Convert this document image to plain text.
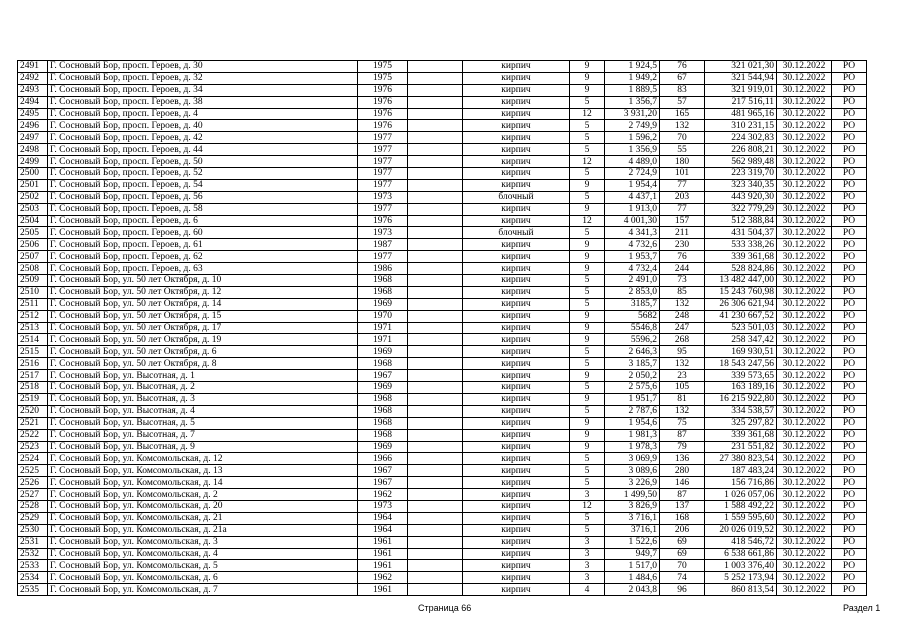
2491	Г. Сосновый Бор, просп. Героев, д. 30	1975		кирпич	9	1 924,5	76	321 021,30	30.12.2022	РО
2492	Г. Сосновый Бор, просп. Героев, д. 32	1975		кирпич	9	1 949,2	67	321 544,94	30.12.2022	РО
2493	Г. Сосновый Бор, просп. Героев, д. 34	1976		кирпич	9	1 889,5	83	321 919,01	30.12.2022	РО
2494	Г. Сосновый Бор, просп. Героев, д. 38	1976		кирпич	5	1 356,7	57	217 516,11	30.12.2022	РО
2495	Г. Сосновый Бор, просп. Героев, д. 4	1976		кирпич	12	3 931,20	165	481 965,16	30.12.2022	РО
2496	Г. Сосновый Бор, просп. Героев, д. 40	1976		кирпич	5	2 749,9	132	310 231,15	30.12.2022	РО
2497	Г. Сосновый Бор, просп. Героев, д. 42	1977		кирпич	5	1 596,2	70	224 302,83	30.12.2022	РО
2498	Г. Сосновый Бор, просп. Героев, д. 44	1977		кирпич	5	1 356,9	55	226 808,21	30.12.2022	РО
2499	Г. Сосновый Бор, просп. Героев, д. 50	1977		кирпич	12	4 489,0	180	562 989,48	30.12.2022	РО
2500	Г. Сосновый Бор, просп. Героев, д. 52	1977		кирпич	5	2 724,9	101	223 319,70	30.12.2022	РО
2501	Г. Сосновый Бор, просп. Героев, д. 54	1977		кирпич	9	1 954,4	77	323 340,35	30.12.2022	РО
2502	Г. Сосновый Бор, просп. Героев, д. 56	1973		блочный	5	4 437,1	203	443 920,30	30.12.2022	РО
2503	Г. Сосновый Бор, просп. Героев, д. 58	1977		кирпич	9	1 913,0	77	322 779,29	30.12.2022	РО
2504	Г. Сосновый Бор, просп. Героев, д. 6	1976		кирпич	12	4 001,30	157	512 388,84	30.12.2022	РО
2505	Г. Сосновый Бор, просп. Героев, д. 60	1973		блочный	5	4 341,3	211	431 504,37	30.12.2022	РО
2506	Г. Сосновый Бор, просп. Героев, д. 61	1987		кирпич	9	4 732,6	230	533 338,26	30.12.2022	РО
2507	Г. Сосновый Бор, просп. Героев, д. 62	1977		кирпич	9	1 953,7	76	339 361,68	30.12.2022	РО
2508	Г. Сосновый Бор, просп. Героев, д. 63	1986		кирпич	9	4 732,4	244	528 824,86	30.12.2022	РО
2509	Г. Сосновый Бор, ул. 50 лет Октября, д. 10	1968		кирпич	5	2 491,0	73	13 482 447,00	30.12.2022	РО
2510	Г. Сосновый Бор, ул. 50 лет Октября, д. 12	1968		кирпич	5	2 853,0	85	15 243 760,98	30.12.2022	РО
2511	Г. Сосновый Бор, ул. 50 лет Октября, д. 14	1969		кирпич	5	3185,7	132	26 306 621,94	30.12.2022	РО
2512	Г. Сосновый Бор, ул. 50 лет Октября, д. 15	1970		кирпич	9	5682	248	41 230 667,52	30.12.2022	РО
2513	Г. Сосновый Бор, ул. 50 лет Октября, д. 17	1971		кирпич	9	5546,8	247	523 501,03	30.12.2022	РО
2514	Г. Сосновый Бор, ул. 50 лет Октября, д. 19	1971		кирпич	9	5596,2	268	258 347,42	30.12.2022	РО
2515	Г. Сосновый Бор, ул. 50 лет Октября, д. 6	1969		кирпич	5	2 646,3	95	169 930,51	30.12.2022	РО
2516	Г. Сосновый Бор, ул. 50 лет Октября, д. 8	1968		кирпич	5	3 185,7	132	18 543 247,56	30.12.2022	РО
2517	Г. Сосновый Бор, ул. Высотная, д. 1	1967		кирпич	9	2 050,2	23	339 573,65	30.12.2022	РО
2518	Г. Сосновый Бор, ул. Высотная, д. 2	1969		кирпич	5	2 575,6	105	163 189,16	30.12.2022	РО
2519	Г. Сосновый Бор, ул. Высотная, д. 3	1968		кирпич	9	1 951,7	81	16 215 922,80	30.12.2022	РО
2520	Г. Сосновый Бор, ул. Высотная, д. 4	1968		кирпич	5	2 787,6	132	334 538,57	30.12.2022	РО
2521	Г. Сосновый Бор, ул. Высотная, д. 5	1968		кирпич	9	1 954,6	75	325 297,82	30.12.2022	РО
2522	Г. Сосновый Бор, ул. Высотная, д. 7	1968		кирпич	9	1 981,3	87	339 361,68	30.12.2022	РО
2523	Г. Сосновый Бор, ул. Высотная, д. 9	1969		кирпич	9	1 978,3	79	231 551,82	30.12.2022	РО
2524	Г. Сосновый Бор, ул. Комсомольская, д. 12	1966		кирпич	5	3 069,9	136	27 380 823,54	30.12.2022	РО
2525	Г. Сосновый Бор, ул. Комсомольская, д. 13	1967		кирпич	5	3 089,6	280	187 483,24	30.12.2022	РО
2526	Г. Сосновый Бор, ул. Комсомольская, д. 14	1967		кирпич	5	3 226,9	146	156 716,86	30.12.2022	РО
2527	Г. Сосновый Бор, ул. Комсомольская, д. 2	1962		кирпич	3	1 499,50	87	1 026 057,06	30.12.2022	РО
2528	Г. Сосновый Бор, ул. Комсомольская, д. 20	1973		кирпич	12	3 826,9	137	1 588 492,22	30.12.2022	РО
2529	Г. Сосновый Бор, ул. Комсомольская, д. 21	1964		кирпич	5	3 716,1	168	1 559 595,60	30.12.2022	РО
2530	Г. Сосновый Бор, ул. Комсомольская, д. 21а	1964		кирпич	5	3716,1	206	20 026 019,52	30.12.2022	РО
2531	Г. Сосновый Бор, ул. Комсомольская, д. 3	1961		кирпич	3	1 522,6	69	418 546,72	30.12.2022	РО
2532	Г. Сосновый Бор, ул. Комсомольская, д. 4	1961		кирпич	3	949,7	69	6 538 661,86	30.12.2022	РО
2533	Г. Сосновый Бор, ул. Комсомольская, д. 5	1961		кирпич	3	1 517,0	70	1 003 376,40	30.12.2022	РО
2534	Г. Сосновый Бор, ул. Комсомольская, д. 6	1962		кирпич	3	1 484,6	74	5 252 173,94	30.12.2022	РО
2535	Г. Сосновый Бор, ул. Комсомольская, д. 7	1961		кирпич	4	2 043,8	96	860 813,54	30.12.2022	РО
Страница 66	Раздел 1
